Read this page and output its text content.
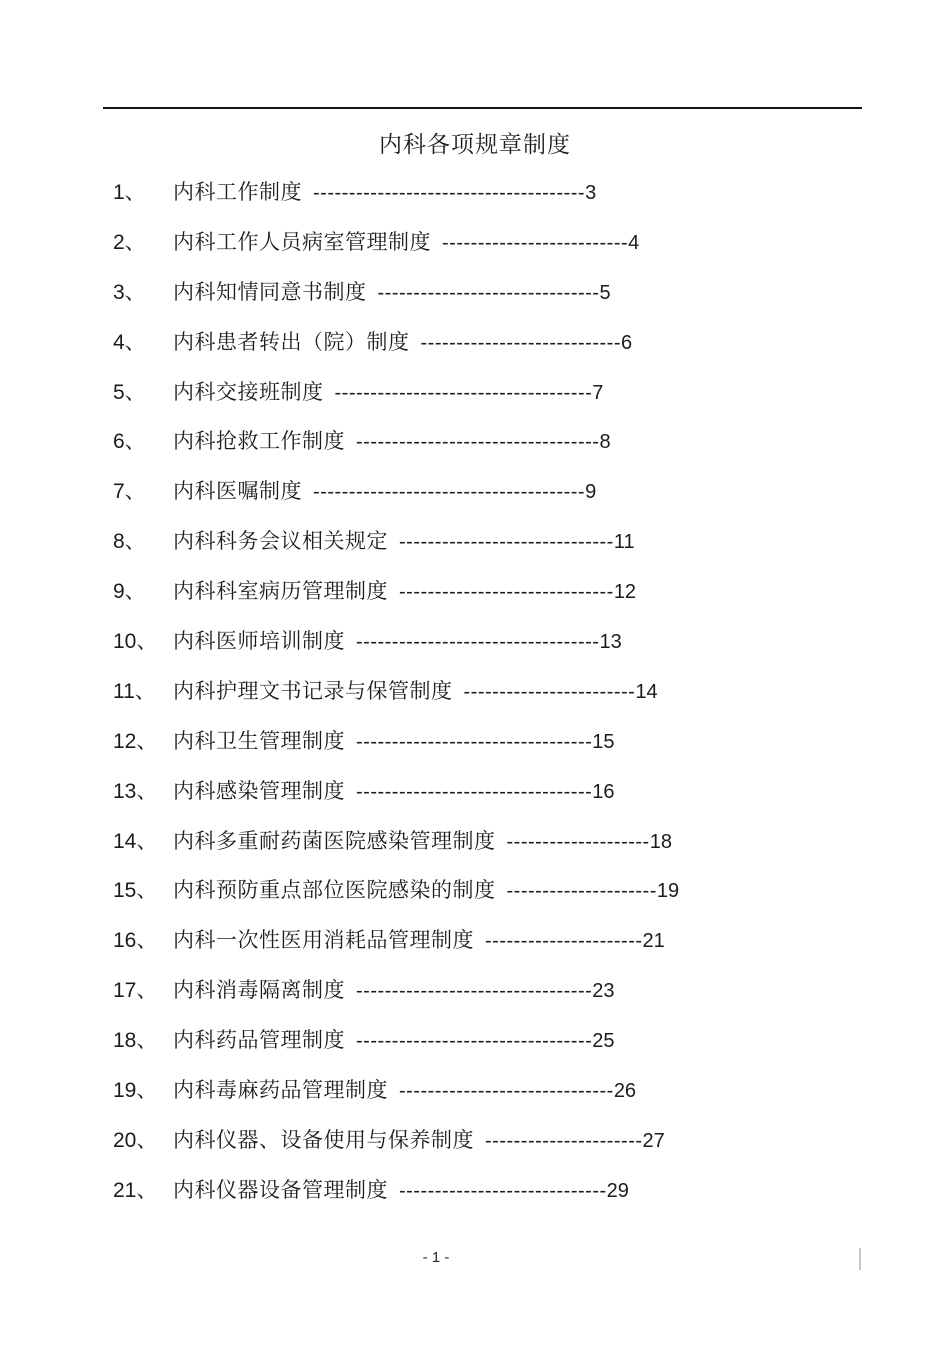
内科各项规章制度
1、	内科工作制度 -------------------------------------- 3
2、	内科工作人员病室管理制度 -------------------------- 4
3、	内科知情同意书制度 ------------------------------- 5
4、	内科患者转出（院）制度 ---------------------------- 6
5、	内科交接班制度 ------------------------------------ 7
6、	内科抢救工作制度 ---------------------------------- 8
7、	内科医嘱制度 -------------------------------------- 9
8、	内科科务会议相关规定 ------------------------------ 11
9、	内科科室病历管理制度 ------------------------------ 12
10、 内科医师培训制度 ---------------------------------- 13
11、 内科护理文书记录与保管制度 ------------------------ 14
12、 内科卫生管理制度 --------------------------------- 15
13、 内科感染管理制度 --------------------------------- 16
14、 内科多重耐药菌医院感染管理制度 -------------------- 18
15、 内科预防重点部位医院感染的制度 --------------------- 19
16、 内科一次性医用消耗品管理制度 ---------------------- 21
17、 内科消毒隔离制度 --------------------------------- 23
18、 内科药品管理制度 --------------------------------- 25
19、 内科毒麻药品管理制度 ------------------------------ 26
20、 内科仪器、设备使用与保养制度 ---------------------- 27
21、 内科仪器设备管理制度 ----------------------------- 29
- 1 -
